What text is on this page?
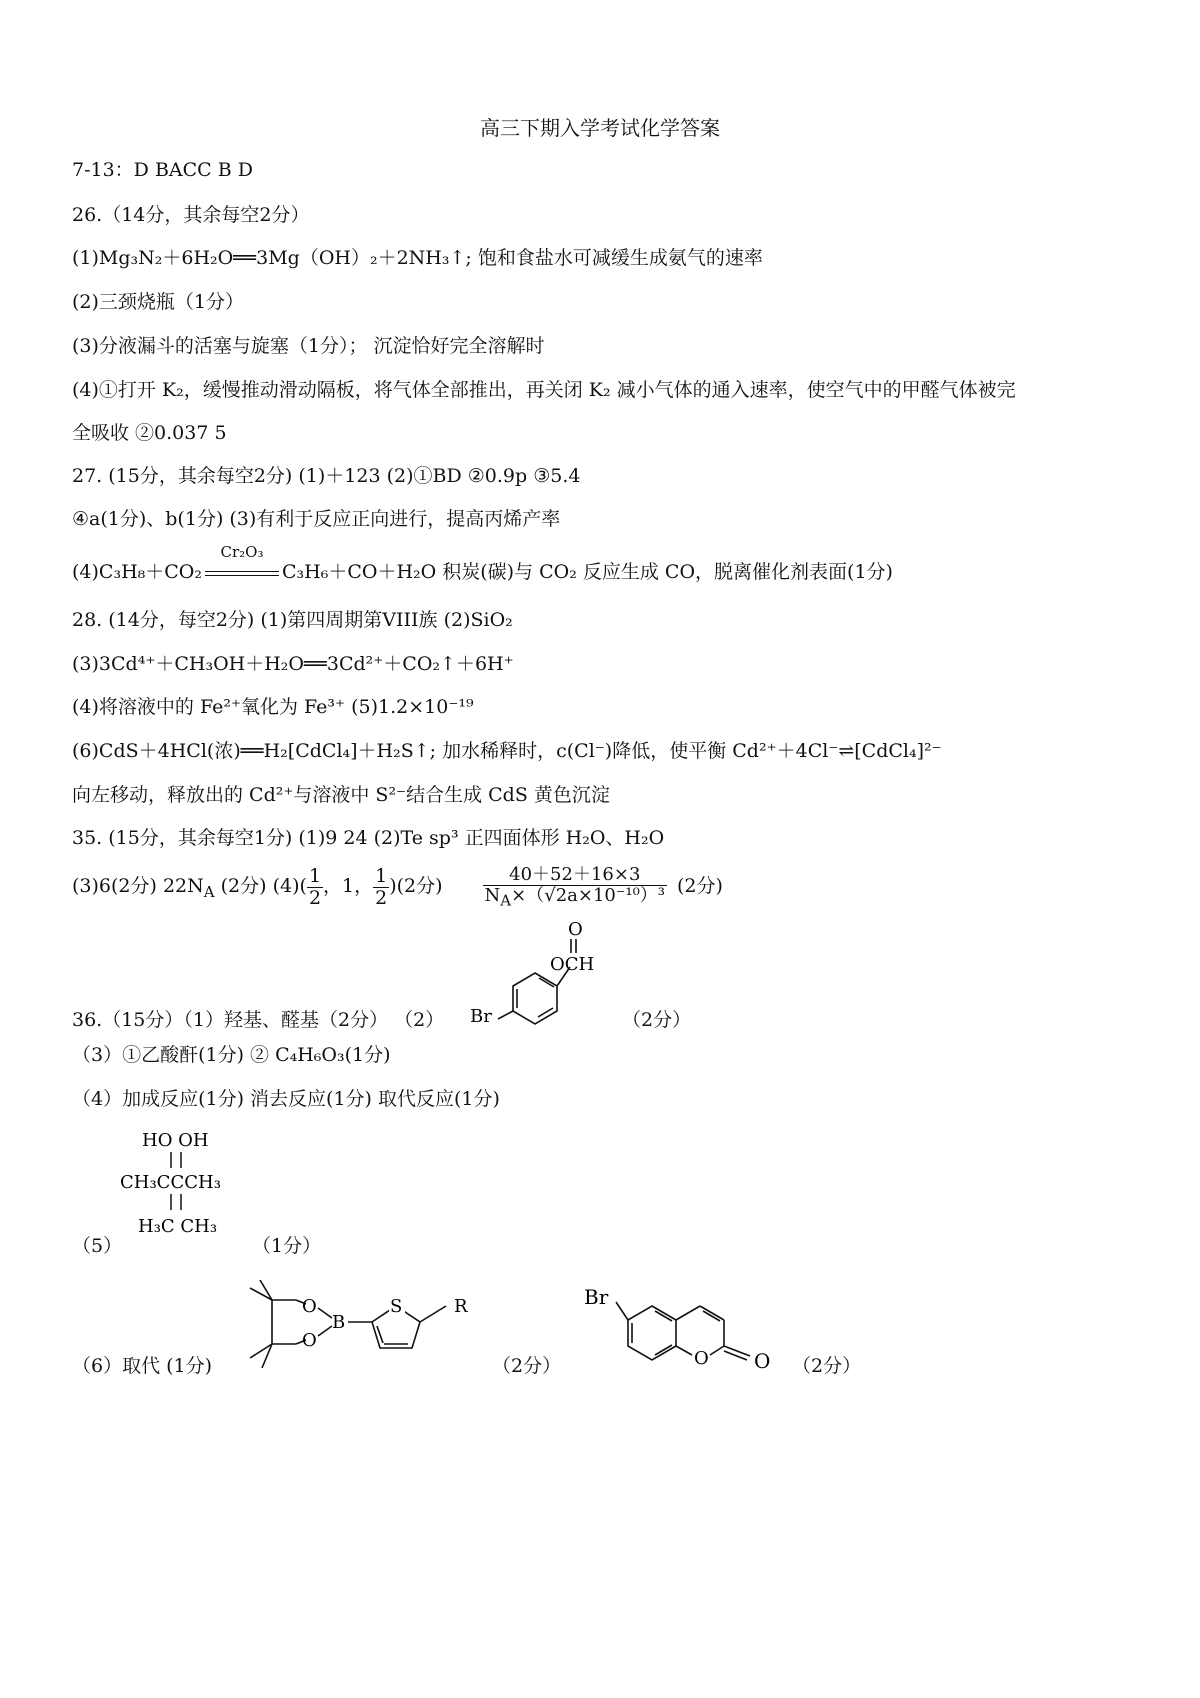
高三下期入学考试化学答案
7-13：D BACC B D
26.（14分，其余每空2分）
(1)Mg₃N₂＋6H₂O══3Mg（OH）₂＋2NH₃↑; 饱和食盐水可减缓生成氨气的速率
(2)三颈烧瓶（1分）
(3)分液漏斗的活塞与旋塞（1分）； 沉淀恰好完全溶解时
(4)①打开 K₂，缓慢推动滑动隔板，将气体全部推出，再关闭 K₂ 减小气体的通入速率，使空气中的甲醛气体被完
全吸收 ②0.037 5
27. (15分，其余每空2分) (1)＋123 (2)①BD ②0.9p ③5.4
④a(1分)、b(1分) (3)有利于反应正向进行，提高丙烯产率
(4)C₃H₈＋CO₂
Cr₂O₃
C₃H₆＋CO＋H₂O 积炭(碳)与 CO₂ 反应生成 CO，脱离催化剂表面(1分)
28. (14分，每空2分) (1)第四周期第VIII族 (2)SiO₂
(3)3Cd⁴⁺＋CH₃OH＋H₂O══3Cd²⁺＋CO₂↑＋6H⁺
(4)将溶液中的 Fe²⁺氧化为 Fe³⁺ (5)1.2×10⁻¹⁹
(6)CdS＋4HCl(浓)══H₂[CdCl₄]＋H₂S↑; 加水稀释时，c(Cl⁻)降低，使平衡 Cd²⁺＋4Cl⁻⇌[CdCl₄]²⁻
向左移动，释放出的 Cd²⁺与溶液中 S²⁻结合生成 CdS 黄色沉淀
35. (15分，其余每空1分) (1)9 24 (2)Te sp³ 正四面体形 H₂O、H₂O
(3)6(2分) $22N_A$ (2分) $(4)( \frac{1}{2}$ ，1， $\frac{1}{2} )(2$分) $\frac{40+52+16\times 3}{N_A\times(√2a\times 10^{-10})^3} (2$分)
36.（15分）（1）羟基、醛基（2分） （2）
O
OCH
Br	（2分）
（3）①乙酸酐(1分) ② C₄H₆O₃(1分)
（4）加成反应(1分) 消去反应(1分) 取代反应(1分)
HO OH
CH₃CCCH₃
H₃C CH₃
（5）	（1分）
（6）取代 (1分)
O
O
B
S	R
（2分）
Br
O O （2分）
